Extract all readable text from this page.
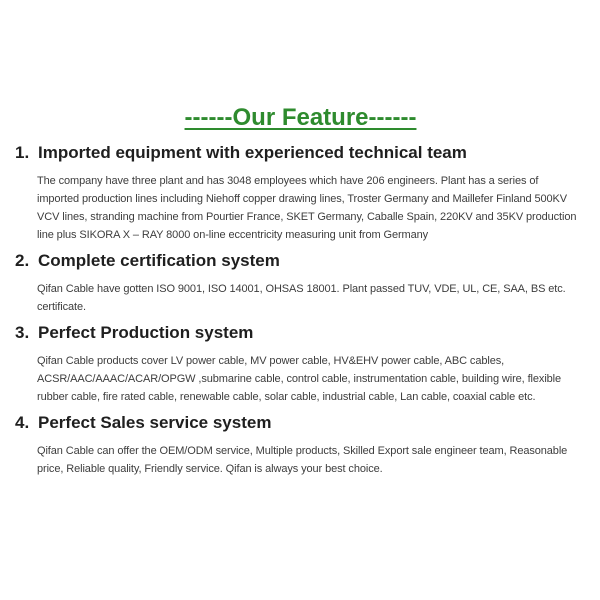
------Our Feature------
1. Imported equipment with experienced technical team
The company have three plant and has 3048 employees which have 206 engineers. Plant has a series of
imported production lines including Niehoff copper drawing lines, Troster Germany and Maillefer Finland 500KV
VCV lines, stranding machine from Pourtier France, SKET Germany, Caballe Spain, 220KV and 35KV production
line plus SIKORA X – RAY 8000 on-line eccentricity measuring unit from Germany
2. Complete certification system
Qifan Cable have gotten ISO 9001, ISO 14001, OHSAS 18001. Plant passed TUV, VDE, UL, CE, SAA, BS etc.
certificate.
3. Perfect Production system
Qifan Cable products cover LV power cable, MV power cable, HV&EHV power cable, ABC cables,
ACSR/AAC/AAAC/ACAR/OPGW ,submarine cable, control cable, instrumentation cable, building wire, flexible
rubber cable, fire rated cable, renewable cable, solar cable, industrial cable, Lan cable, coaxial cable etc.
4. Perfect Sales service system
Qifan Cable can offer the OEM/ODM service, Multiple products, Skilled Export sale engineer team, Reasonable
price, Reliable quality, Friendly service. Qifan is always your best choice.
